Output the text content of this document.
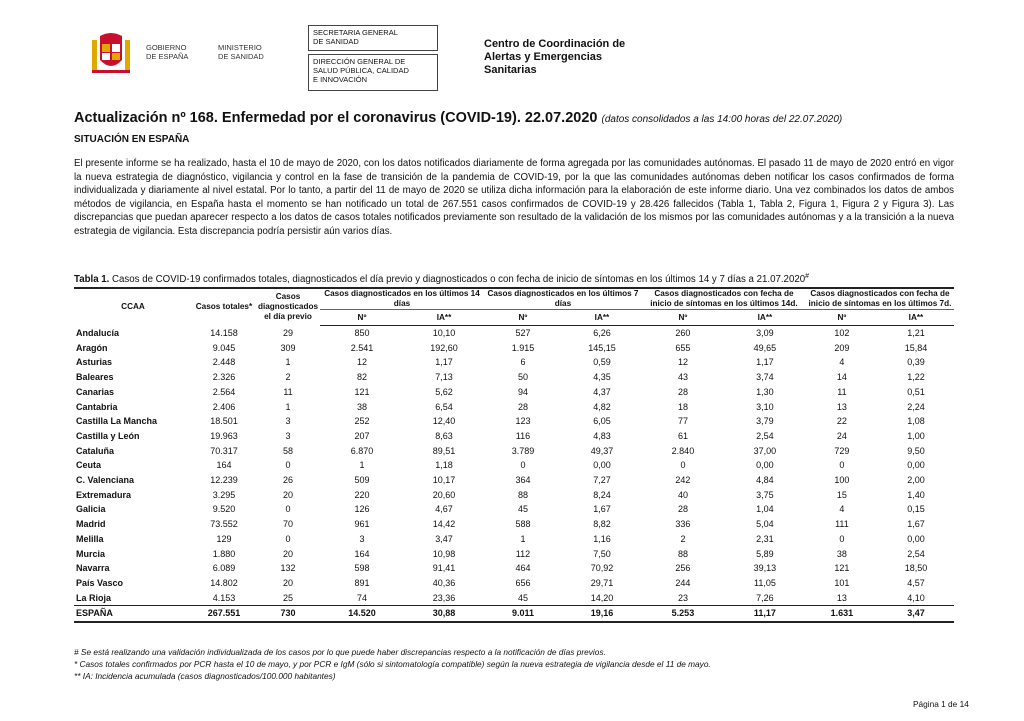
GOBIERNO
DE ESPAÑA
MINISTERIO
DE SANIDAD
SECRETARIA GENERAL
DE SANIDAD
DIRECCIÓN GENERAL DE
SALUD PÚBLICA, CALIDAD
E INNOVACIÓN
Centro de Coordinación de
Alertas y Emergencias
Sanitarias
Actualización nº 168. Enfermedad por el coronavirus (COVID-19). 22.07.2020 (datos consolidados a las 14:00 horas del 22.07.2020)
SITUACIÓN EN ESPAÑA
El presente informe se ha realizado, hasta el 10 de mayo de 2020, con los datos notificados diariamente de forma agregada por las comunidades autónomas. El pasado 11 de mayo de 2020 entró en vigor la nueva estrategia de diagnóstico, vigilancia y control en la fase de transición de la pandemia de COVID-19, por la que las comunidades autónomas deben notificar los casos confirmados de forma individualizada y diariamente al nivel estatal. Por lo tanto, a partir del 11 de mayo de 2020 se utiliza dicha información para la elaboración de este informe diario. Una vez combinados los datos de ambos métodos de vigilancia, en España hasta el momento se han notificado un total de 267.551 casos confirmados de COVID-19 y 28.426 fallecidos (Tabla 1, Tabla 2, Figura 1, Figura 2 y Figura 3). Las discrepancias que puedan aparecer respecto a los datos de casos totales notificados previamente son resultado de la validación de los mismos por las comunidades autónomas y a la transición a la nueva estrategia de vigilancia. Esta discrepancia podría persistir aún varios días.
Tabla 1. Casos de COVID-19 confirmados totales, diagnosticados el día previo y diagnosticados o con fecha de inicio de síntomas en los últimos 14 y 7 días a 21.07.2020#
CCAA	Casos totales*	Casos diagnosticados el día previo	Casos diagnosticados en los últimos 14 días		Casos diagnosticados en los últimos 7 días		Casos diagnosticados con fecha de inicio de síntomas en los últimos 14d.		Casos diagnosticados con fecha de inicio de síntomas en los últimos 7d.	
			Nº	IA**	Nº	IA**	Nº	IA**	Nº	IA**
Andalucía	14.158	29	850	10,10	527	6,26	260	3,09	102	1,21
Aragón	9.045	309	2.541	192,60	1.915	145,15	655	49,65	209	15,84
Asturias	2.448	1	12	1,17	6	0,59	12	1,17	4	0,39
Baleares	2.326	2	82	7,13	50	4,35	43	3,74	14	1,22
Canarias	2.564	11	121	5,62	94	4,37	28	1,30	11	0,51
Cantabria	2.406	1	38	6,54	28	4,82	18	3,10	13	2,24
Castilla La Mancha	18.501	3	252	12,40	123	6,05	77	3,79	22	1,08
Castilla y León	19.963	3	207	8,63	116	4,83	61	2,54	24	1,00
Cataluña	70.317	58	6.870	89,51	3.789	49,37	2.840	37,00	729	9,50
Ceuta	164	0	1	1,18	0	0,00	0	0,00	0	0,00
C. Valenciana	12.239	26	509	10,17	364	7,27	242	4,84	100	2,00
Extremadura	3.295	20	220	20,60	88	8,24	40	3,75	15	1,40
Galicia	9.520	0	126	4,67	45	1,67	28	1,04	4	0,15
Madrid	73.552	70	961	14,42	588	8,82	336	5,04	111	1,67
Melilla	129	0	3	3,47	1	1,16	2	2,31	0	0,00
Murcia	1.880	20	164	10,98	112	7,50	88	5,89	38	2,54
Navarra	6.089	132	598	91,41	464	70,92	256	39,13	121	18,50
País Vasco	14.802	20	891	40,36	656	29,71	244	11,05	101	4,57
La Rioja	4.153	25	74	23,36	45	14,20	23	7,26	13	4,10
ESPAÑA	267.551	730	14.520	30,88	9.011	19,16	5.253	11,17	1.631	3,47
# Se está realizando una validación individualizada de los casos por lo que puede haber discrepancias respecto a la notificación de días previos.
* Casos totales confirmados por PCR hasta el 10 de mayo, y por PCR e IgM (sólo si sintomatología compatible) según la nueva estrategia de vigilancia desde el 11 de mayo.
** IA: Incidencia acumulada (casos diagnosticados/100.000 habitantes)
Página 1 de 14
